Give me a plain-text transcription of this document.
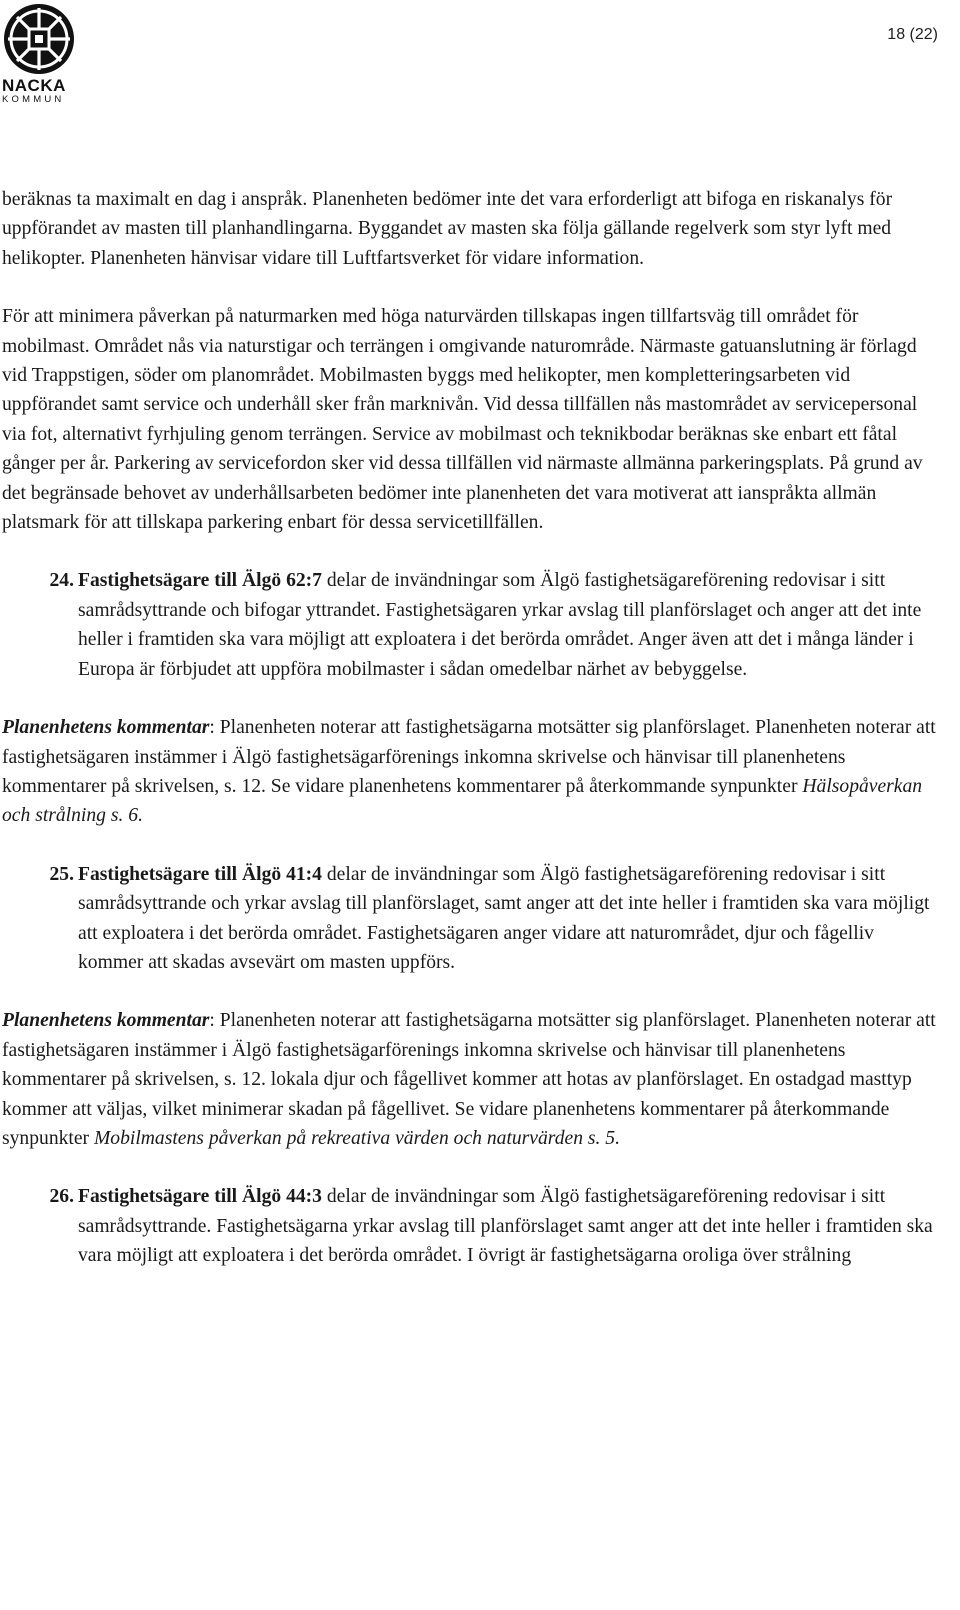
NACKA
KOMMUN
18 (22)

beräknas ta maximalt en dag i anspråk. Planenheten bedömer inte det vara erforderligt att bifoga en riskanalys för uppförandet av masten till planhandlingarna. Byggandet av masten ska följa gällande regelverk som styr lyft med helikopter. Planenheten hänvisar vidare till Luftfartsverket för vidare information.

För att minimera påverkan på naturmarken med höga naturvärden tillskapas ingen tillfartsväg till området för mobilmast. Området nås via naturstigar och terrängen i omgivande naturområde. Närmaste gatuanslutning är förlagd vid Trappstigen, söder om planområdet. Mobilmasten byggs med helikopter, men kompletteringsarbeten vid uppförandet samt service och underhåll sker från marknivån. Vid dessa tillfällen nås mastområdet av servicepersonal via fot, alternativt fyrhjuling genom terrängen. Service av mobilmast och teknikbodar beräknas ske enbart ett fåtal gånger per år. Parkering av servicefordon sker vid dessa tillfällen vid närmaste allmänna parkeringsplats. På grund av det begränsade behovet av underhållsarbeten bedömer inte planenheten det vara motiverat att ianspråkta allmän platsmark för att tillskapa parkering enbart för dessa servicetillfällen.

24. Fastighetsägare till Älgö 62:7 delar de invändningar som Älgö fastighetsägareförening redovisar i sitt samrådsyttrande och bifogar yttrandet. Fastighetsägaren yrkar avslag till planförslaget och anger att det inte heller i framtiden ska vara möjligt att exploatera i det berörda området. Anger även att det i många länder i Europa är förbjudet att uppföra mobilmaster i sådan omedelbar närhet av bebyggelse.

Planenhetens kommentar: Planenheten noterar att fastighetsägarna motsätter sig planförslaget. Planenheten noterar att fastighetsägaren instämmer i Älgö fastighetsägarförenings inkomna skrivelse och hänvisar till planenhetens kommentarer på skrivelsen, s. 12. Se vidare planenhetens kommentarer på återkommande synpunkter Hälsopåverkan och strålning s. 6.

25. Fastighetsägare till Älgö 41:4 delar de invändningar som Älgö fastighetsägareförening redovisar i sitt samrådsyttrande och yrkar avslag till planförslaget, samt anger att det inte heller i framtiden ska vara möjligt att exploatera i det berörda området. Fastighetsägaren anger vidare att naturområdet, djur och fågelliv kommer att skadas avsevärt om masten uppförs.

Planenhetens kommentar: Planenheten noterar att fastighetsägarna motsätter sig planförslaget. Planenheten noterar att fastighetsägaren instämmer i Älgö fastighetsägarförenings inkomna skrivelse och hänvisar till planenhetens kommentarer på skrivelsen, s. 12. lokala djur och fågellivet kommer att hotas av planförslaget. En ostadgad masttyp kommer att väljas, vilket minimerar skadan på fågellivet. Se vidare planenhetens kommentarer på återkommande synpunkter Mobilmastens påverkan på rekreativa värden och naturvärden s. 5.

26. Fastighetsägare till Älgö 44:3 delar de invändningar som Älgö fastighetsägareförening redovisar i sitt samrådsyttrande. Fastighetsägarna yrkar avslag till planförslaget samt anger att det inte heller i framtiden ska vara möjligt att exploatera i det berörda området. I övrigt är fastighetsägarna oroliga över strålning
